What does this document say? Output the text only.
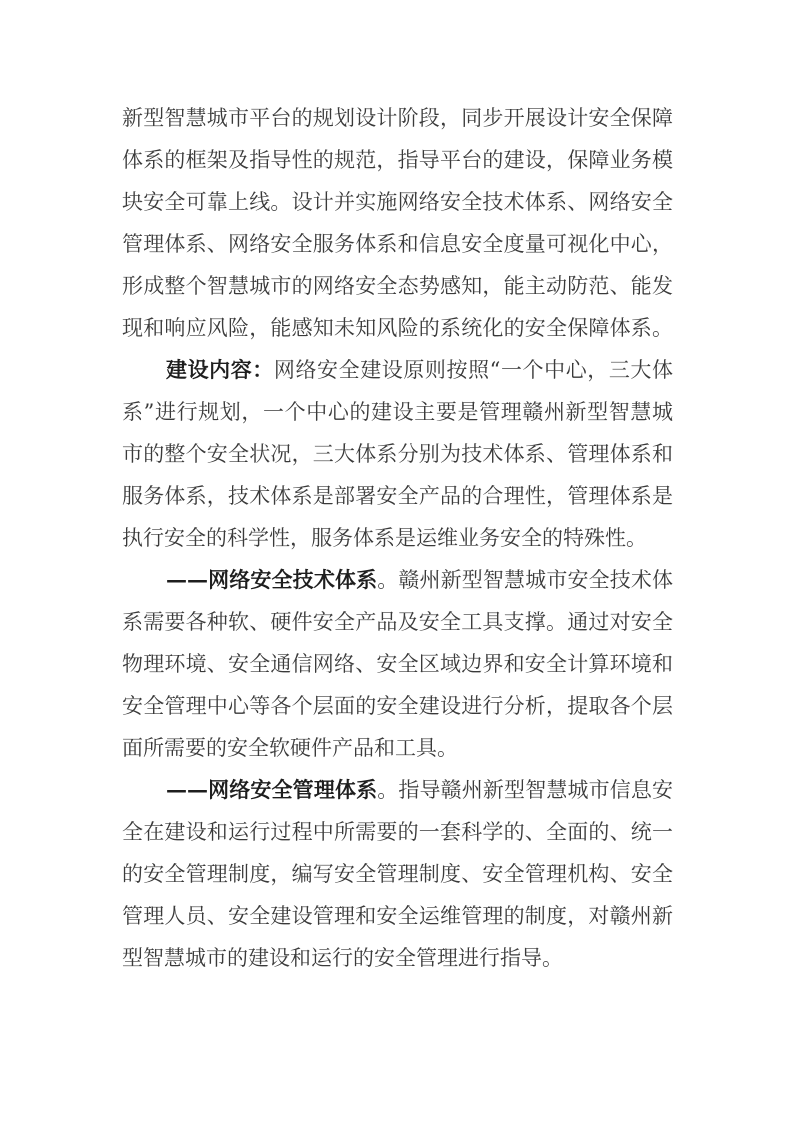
新型智慧城市平台的规划设计阶段，同步开展设计安全保障
体系的框架及指导性的规范，指导平台的建设，保障业务模
块安全可靠上线。设计并实施网络安全技术体系、网络安全
管理体系、网络安全服务体系和信息安全度量可视化中心，
形成整个智慧城市的网络安全态势感知，能主动防范、能发
现和响应风险，能感知未知风险的系统化的安全保障体系。
建设内容：网络安全建设原则按照“一个中心，三大体
系”进行规划，一个中心的建设主要是管理赣州新型智慧城
市的整个安全状况，三大体系分别为技术体系、管理体系和
服务体系，技术体系是部署安全产品的合理性，管理体系是
执行安全的科学性，服务体系是运维业务安全的特殊性。
——网络安全技术体系。赣州新型智慧城市安全技术体
系需要各种软、硬件安全产品及安全工具支撑。通过对安全
物理环境、安全通信网络、安全区域边界和安全计算环境和
安全管理中心等各个层面的安全建设进行分析，提取各个层
面所需要的安全软硬件产品和工具。
——网络安全管理体系。指导赣州新型智慧城市信息安
全在建设和运行过程中所需要的一套科学的、全面的、统一
的安全管理制度，编写安全管理制度、安全管理机构、安全
管理人员、安全建设管理和安全运维管理的制度，对赣州新
型智慧城市的建设和运行的安全管理进行指导。
